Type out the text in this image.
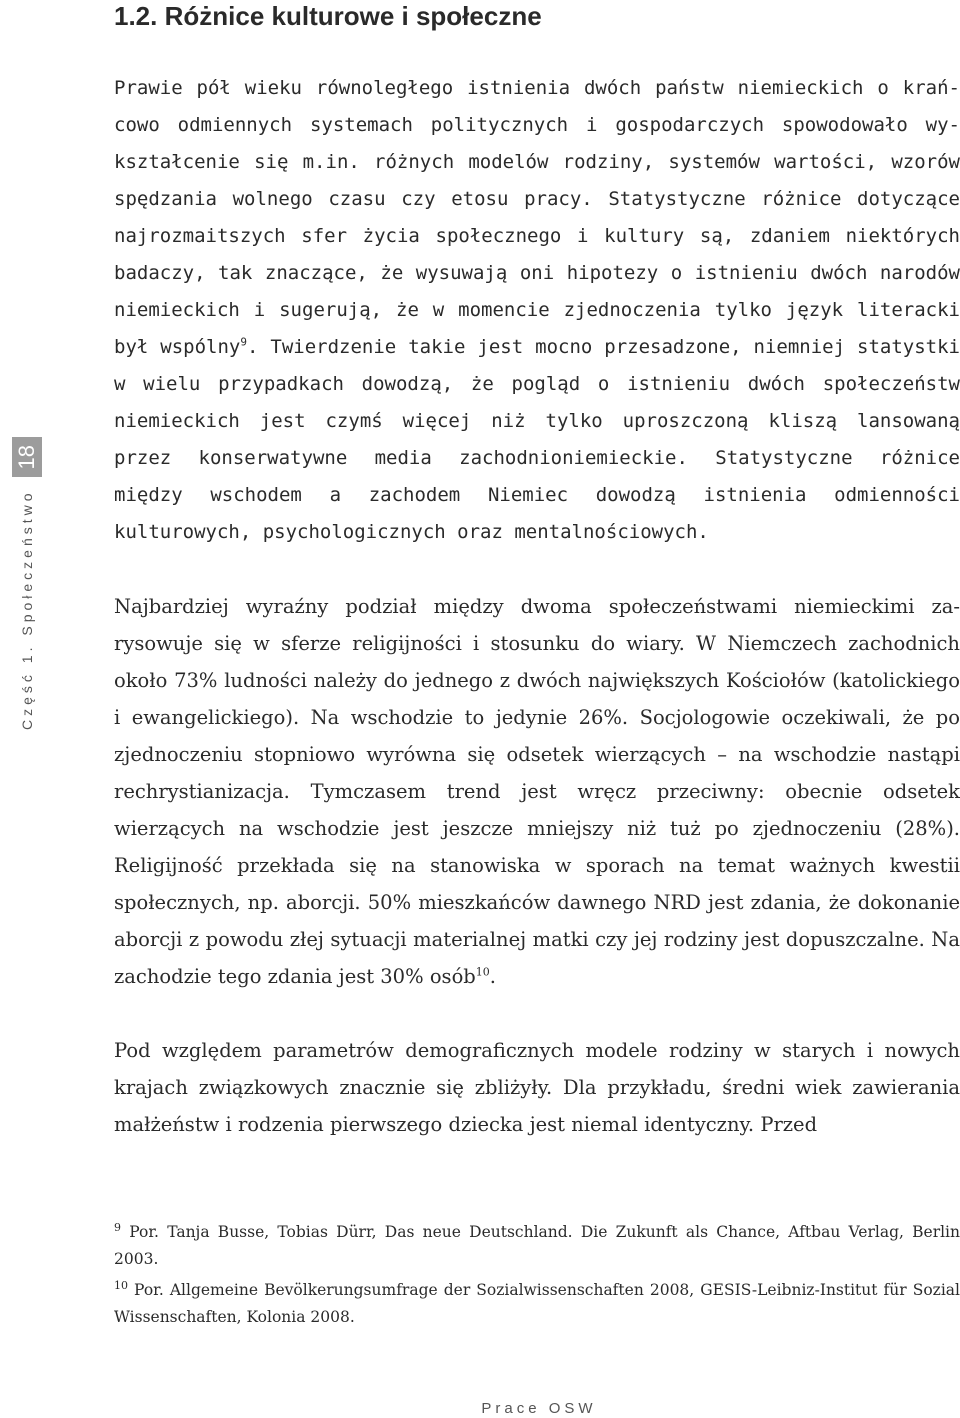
1.2. Różnice kulturowe i społeczne

Prawie pół wieku równoległego istnienia dwóch państw niemieckich o krańcowo odmiennych systemach politycznych i gospodarczych spowodowało wykształcenie się m.in. różnych modelów rodziny, systemów wartości, wzorów spędzania wolnego czasu czy etosu pracy. Statystyczne różnice dotyczące najrozmaitszych sfer życia społecznego i kultury są, zdaniem niektórych badaczy, tak znaczące, że wysuwają oni hipotezy o istnieniu dwóch narodów niemieckich i sugerują, że w momencie zjednoczenia tylko język literacki był wspólny$^9$. Twierdzenie takie jest mocno przesadzone, niemniej statystki w wielu przypadkach dowodzą, że pogląd o istnieniu dwóch społeczeństw niemieckich jest czymś więcej niż tylko uproszczoną kliszą lansowaną przez konserwatywne media zachodnioniemieckie. Statystyczne różnice między wschodem a zachodem Niemiec dowodzą istnienia odmienności kulturowych, psychologicznych oraz mentalnościowych.

Najbardziej wyraźny podział między dwoma społeczeństwami niemieckimi zarysowuje się w sferze religijności i stosunku do wiary. W Niemczech zachodnich około 73% ludności należy do jednego z dwóch największych Kościołów (katolickiego i ewangelickiego). Na wschodzie to jedynie 26%. Socjologowie oczekiwali, że po zjednoczeniu stopniowo wyrówna się odsetek wierzących – na wschodzie nastąpi rechrystianizacja. Tymczasem trend jest wręcz przeciwny: obecnie odsetek wierzących na wschodzie jest jeszcze mniejszy niż tuż po zjednoczeniu (28%). Religijność przekłada się na stanowiska w sporach na temat ważnych kwestii społecznych, np. aborcji. 50% mieszkańców dawnego NRD jest zdania, że dokonanie aborcji z powodu złej sytuacji materialnej matki czy jej rodziny jest dopuszczalne. Na zachodzie tego zdania jest 30% osób$^{10}$.

Pod względem parametrów demograficznych modele rodziny w starych i nowych krajach związkowych znacznie się zbliżyły. Dla przykładu, średni wiek zawierania małżeństw i rodzenia pierwszego dziecka jest niemal identyczny. Przed

$^9$ Por. Tanja Busse, Tobias Dürr, Das neue Deutschland. Die Zukunft als Chance, Aftbau Verlag, Berlin 2003.

$^{10}$ Por. Allgemeine Bevölkerungsumfrage der Sozialwissenschaften 2008, GESIS-Leibniz-Institut für Sozial Wissenschaften, Kolonia 2008.

Część 1. Społeczeństwo
18
Prace OSW
